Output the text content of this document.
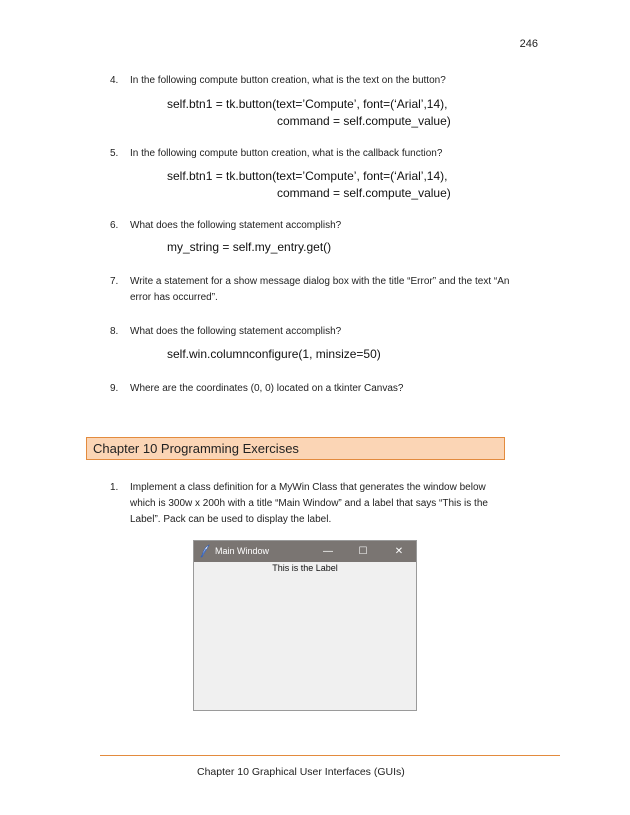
246
4. In the following compute button creation, what is the text on the button?
self.btn1 = tk.button(text=’Compute’, font=(‘Arial’,14),
command = self.compute_value)
5. In the following compute button creation, what is the callback function?
self.btn1 = tk.button(text=’Compute’, font=(‘Arial’,14),
command = self.compute_value)
6. What does the following statement accomplish?
my_string = self.my_entry.get()
7. Write a statement for a show message dialog box with the title “Error” and the text “An error has occurred”.
8. What does the following statement accomplish?
self.win.columnconfigure(1, minsize=50)
9. Where are the coordinates (0, 0) located on a tkinter Canvas?
Chapter 10 Programming Exercises
1. Implement a class definition for a MyWin Class that generates the window below which is 300w x 200h with a title “Main Window” and a label that says “This is the Label”. Pack can be used to display the label.
Main Window	—	☐	✕
This is the Label
Chapter 10 Graphical User Interfaces (GUIs)
